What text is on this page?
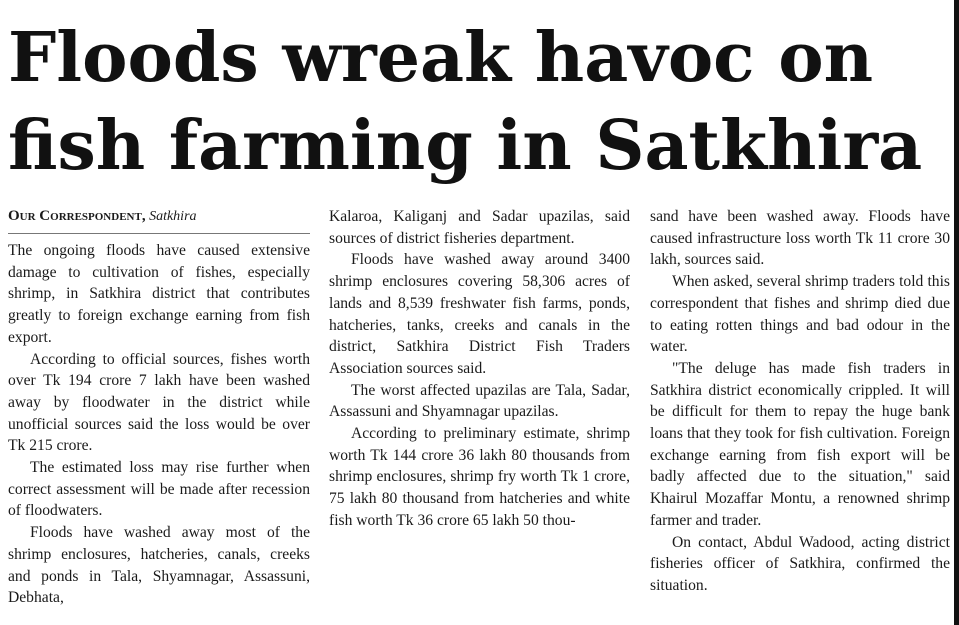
Floods wreak havoc on fish farming in Satkhira
Our Correspondent, Satkhira

The ongoing floods have caused extensive damage to cultivation of fishes, especially shrimp, in Satkhira district that contributes greatly to foreign exchange earning from fish export.

According to official sources, fishes worth over Tk 194 crore 7 lakh have been washed away by floodwater in the district while unofficial sources said the loss would be over Tk 215 crore.

The estimated loss may rise further when correct assessment will be made after recession of floodwaters.

Floods have washed away most of the shrimp enclosures, hatcheries, canals, creeks and ponds in Tala, Shyamnagar, Assassuni, Debhata,

Kalaroa, Kaliganj and Sadar upazilas, said sources of district fisheries department.

Floods have washed away around 3400 shrimp enclosures covering 58,306 acres of lands and 8,539 freshwater fish farms, ponds, hatcheries, tanks, creeks and canals in the district, Satkhira District Fish Traders Association sources said.

The worst affected upazilas are Tala, Sadar, Assassuni and Shyamnagar upazilas.

According to preliminary estimate, shrimp worth Tk 144 crore 36 lakh 80 thousands from shrimp enclosures, shrimp fry worth Tk 1 crore, 75 lakh 80 thousand from hatcheries and white fish worth Tk 36 crore 65 lakh 50 thou-

sand have been washed away. Floods have caused infrastructure loss worth Tk 11 crore 30 lakh, sources said.

When asked, several shrimp traders told this correspondent that fishes and shrimp died due to eating rotten things and bad odour in the water.

"The deluge has made fish traders in Satkhira district economically crippled. It will be difficult for them to repay the huge bank loans that they took for fish cultivation. Foreign exchange earning from fish export will be badly affected due to the situation," said Khairul Mozaffar Montu, a renowned shrimp farmer and trader.

On contact, Abdul Wadood, acting district fisheries officer of Satkhira, confirmed the situation.
